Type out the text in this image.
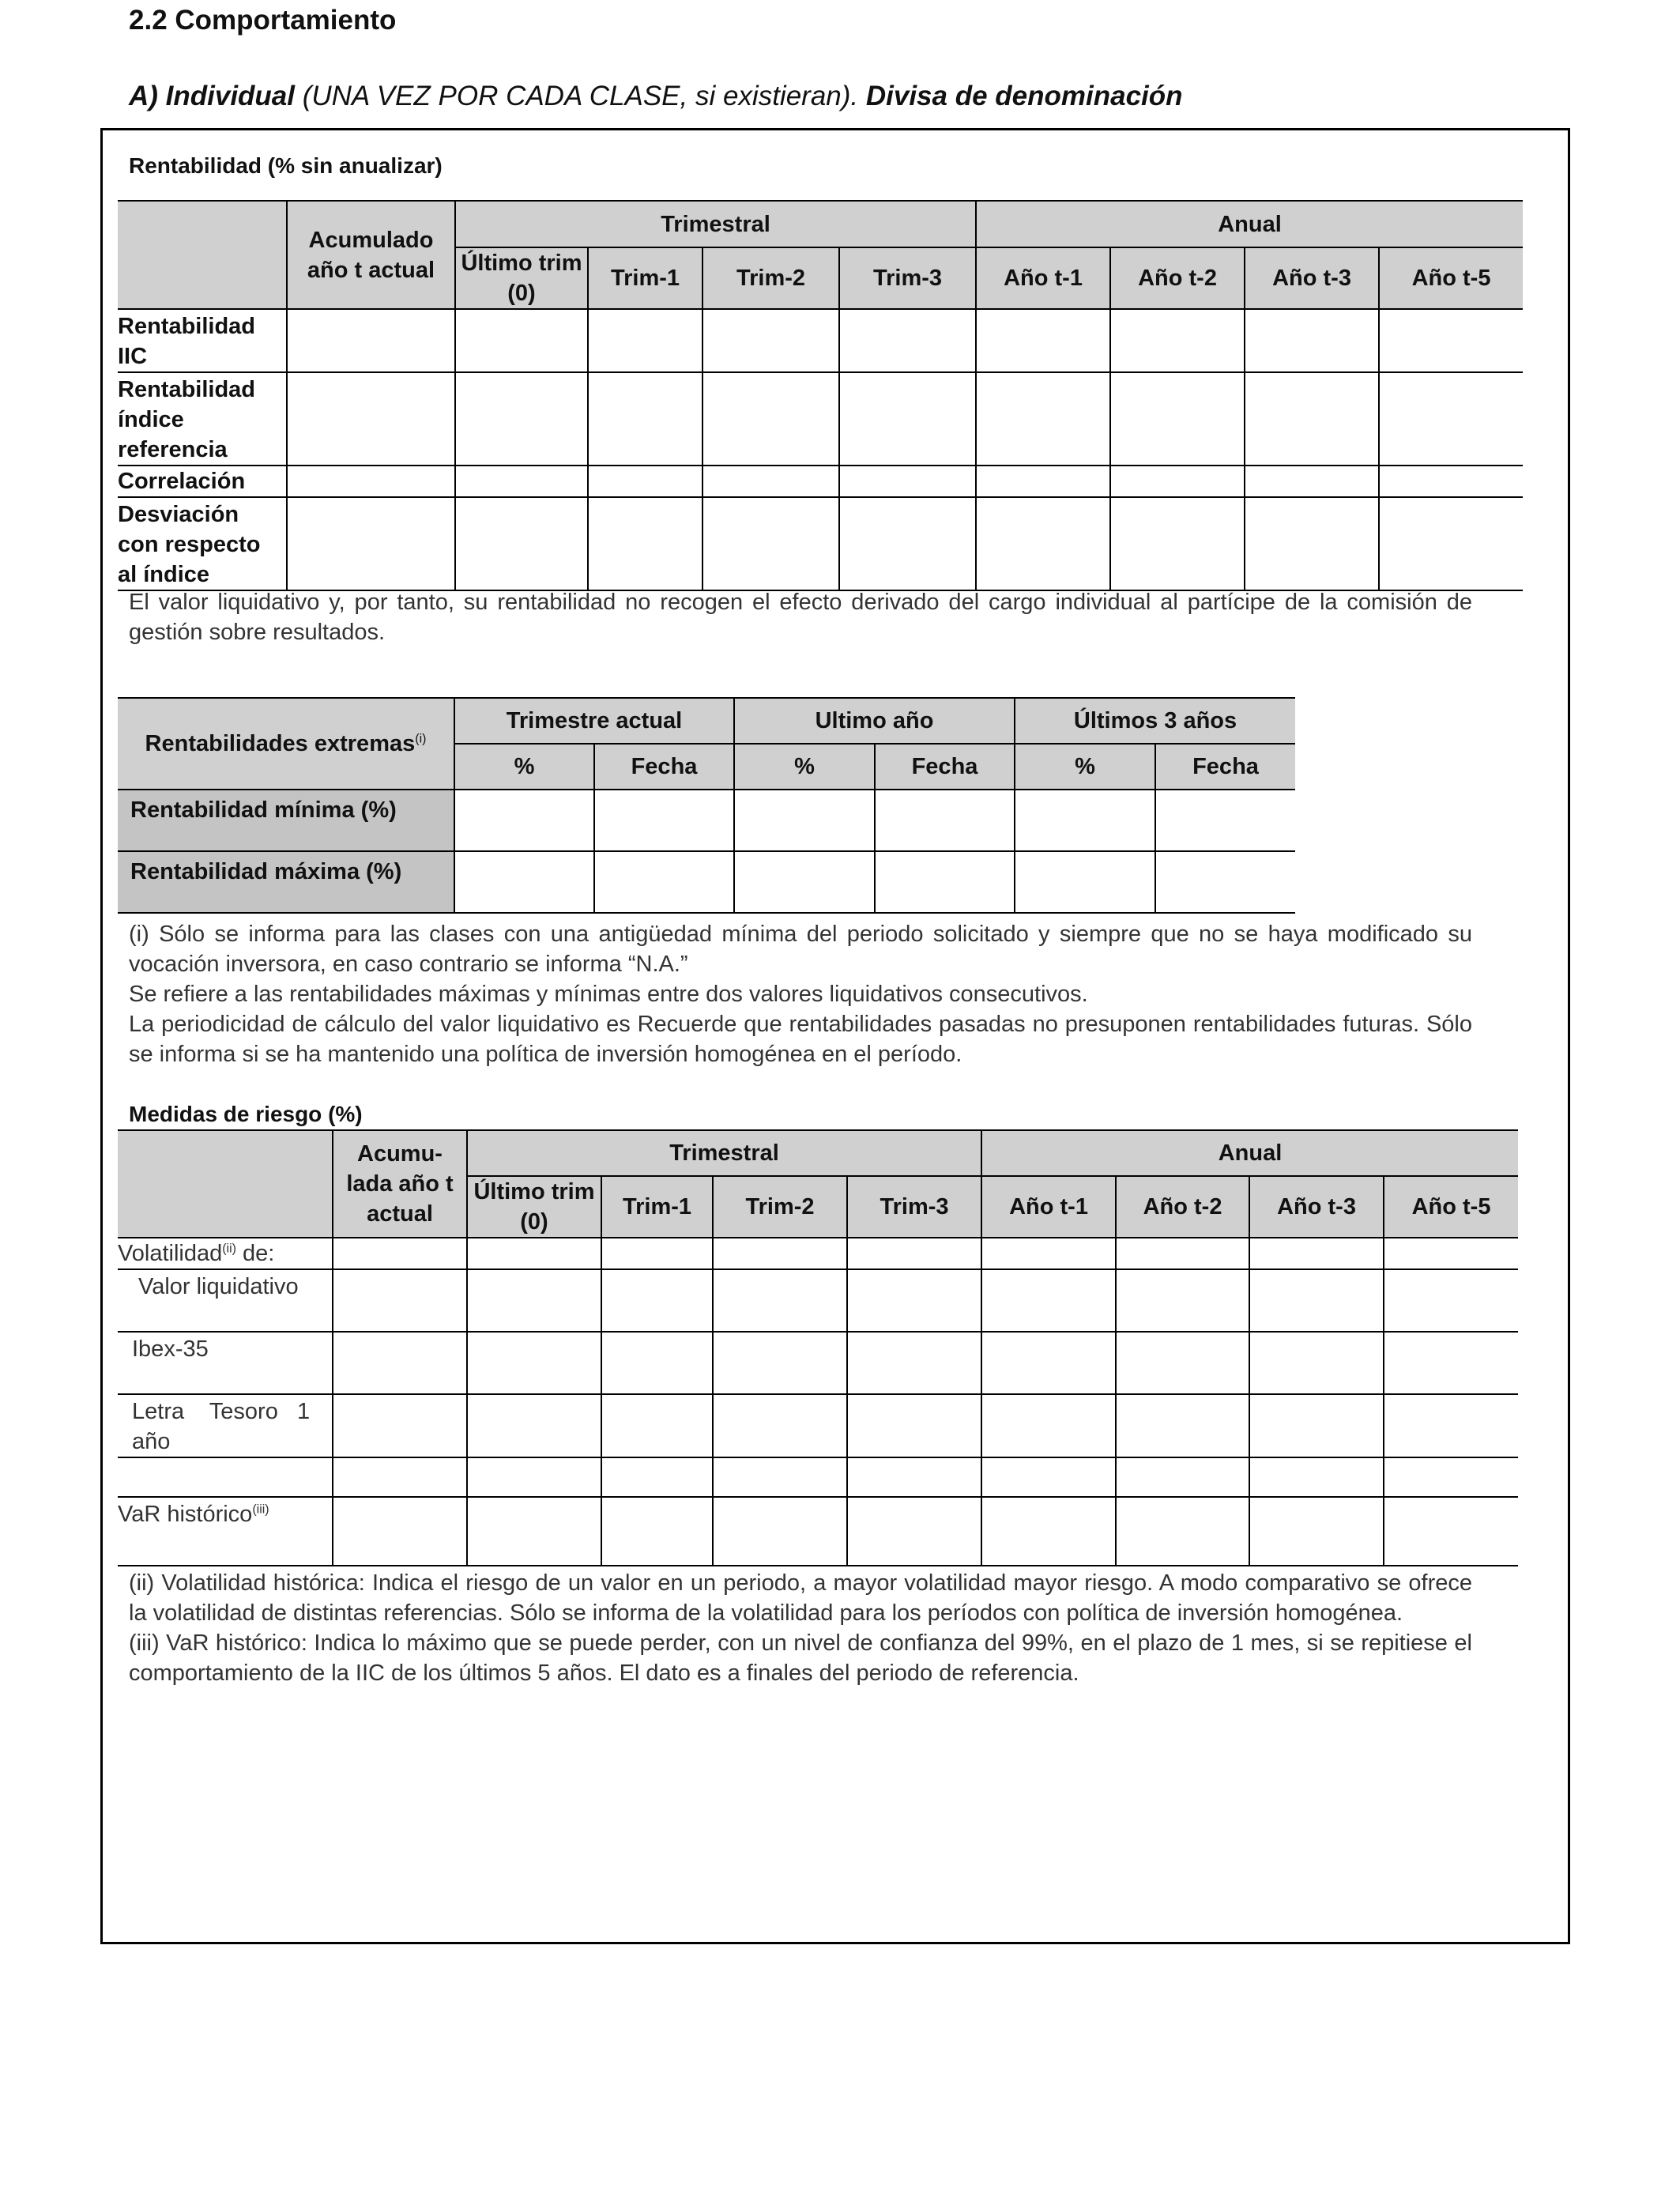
2.2 Comportamiento
A) Individual (UNA VEZ POR CADA CLASE, si existieran). Divisa de denominación
Rentabilidad (% sin anualizar)
	Acumulado año t actual	Trimestral				Anual			
		Último trim (0)	Trim-1	Trim-2	Trim-3	Año t-1	Año t-2	Año t-3	Año t-5
Rentabilidad IIC									
Rentabilidad índice referencia									
Correlación									
Desviación con respecto al índice									
El valor liquidativo y, por tanto, su rentabilidad no recogen el efecto derivado del cargo individual al partícipe de la comisión de gestión sobre resultados.
Rentabilidades extremas$^{(i)}$	Trimestre actual		Ultimo año		Últimos 3 años	
	%	Fecha	%	Fecha	%	Fecha
Rentabilidad mínima (%)						
Rentabilidad máxima (%)						

(i) Sólo se informa para las clases con una antigüedad mínima del periodo solicitado y siempre que no se haya modificado su vocación inversora, en caso contrario se informa “N.A.”

Se refiere a las rentabilidades máximas y mínimas entre dos valores liquidativos consecutivos.

La periodicidad de cálculo del valor liquidativo es Recuerde que rentabilidades pasadas no presuponen rentabilidades futuras. Sólo se informa si se ha mantenido una política de inversión homogénea en el período.

Medidas de riesgo (%)
	Acumu-lada año t actual	Trimestral				Anual			
		Último trim (0)	Trim-1	Trim-2	Trim-3	Año t-1	Año t-2	Año t-3	Año t-5
Volatilidad$^{(ii)}$ de:									
Valor liquidativo									
Ibex-35									
Letra    Tesoro   1 año									

VaR histórico$^{(iii)}$									

(ii) Volatilidad histórica: Indica el riesgo de un valor en un periodo, a mayor volatilidad mayor riesgo. A modo comparativo se ofrece la volatilidad de distintas referencias. Sólo se informa de la volatilidad para los períodos con política de inversión homogénea.

(iii) VaR histórico: Indica lo máximo que se puede perder, con un nivel de confianza del 99%, en el plazo de 1 mes, si se repitiese el comportamiento de la IIC de los últimos 5 años. El dato es a finales del periodo de referencia.
